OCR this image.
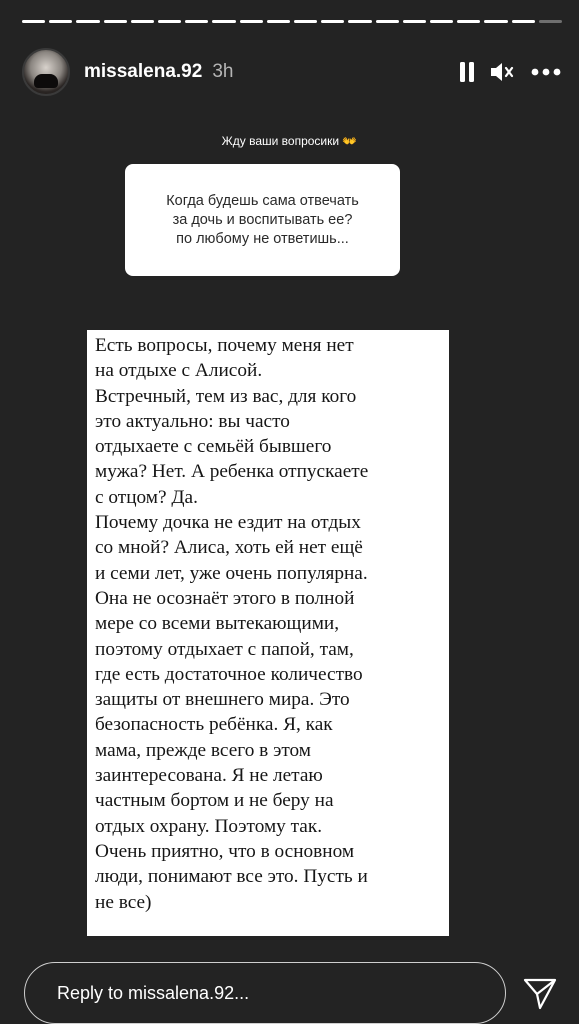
missalena.92 3h
Жду ваши вопросики 👐
Когда будешь сама отвечать
за дочь и воспитывать ее?
по любому не ответишь...
Есть вопросы, почему меня нет
на отдыхе с Алисой.
Встречный, тем из вас, для кого
это актуально: вы часто
отдыхаете с семьёй бывшего
мужа? Нет. А ребенка отпускаете
с отцом? Да.
Почему дочка не ездит на отдых
со мной? Алиса, хоть ей нет ещё
и семи лет, уже очень популярна.
Она не осознаёт этого в полной
мере со всеми вытекающими,
поэтому отдыхает с папой, там,
где есть достаточное количество
защиты от внешнего мира. Это
безопасность ребёнка. Я, как
мама, прежде всего в этом
заинтересована. Я не летаю
частным бортом и не беру на
отдых охрану. Поэтому так.
Очень приятно, что в основном
люди, понимают все это. Пусть и
не все)
Reply to missalena.92...
